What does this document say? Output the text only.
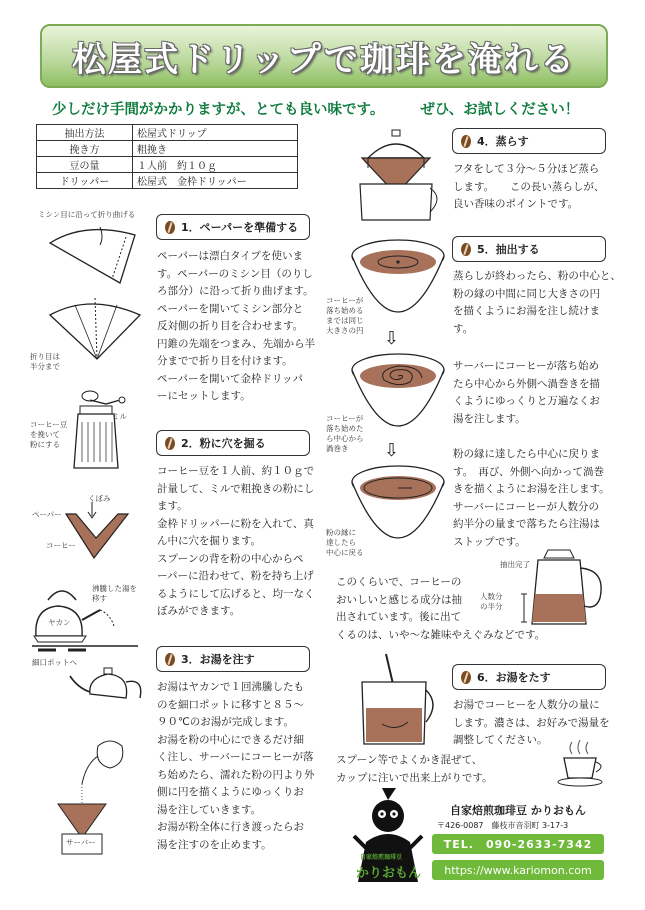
松屋式ドリップで珈琲を淹れる
少しだけ手間がかかりますが、とても良い味です。 ぜひ、お試しください！
抽出方法	松屋式ドリップ
挽き方	粗挽き
豆の量	１人前　約１０ｇ
ドリッパー	松屋式　金枠ドリッパー
ミシン目に沿って折り曲げる
折り目は
半分まで
ミル
コーヒー豆
を挽いて
粉にする
くぼみ
ペーパー
コーヒー
沸騰した湯を
移す
ヤカン
細口ポットへ
サーバー
1．ペーパーを準備する
ペーパーは漂白タイプを使いま
す。ペーパーのミシン目（のりし
ろ部分）に沿って折り曲げます。
ペーパーを開いてミシン部分と
反対側の折り目を合わせます。
円錐の先端をつまみ、先端から半
分までで折り目を付けます。
ペーパーを開いて金枠ドリッパ
ーにセットします。
2．粉に穴を掘る
コーヒー豆を１人前、約１０ｇで
計量して、ミルで粗挽きの粉にし
ます。
金枠ドリッパーに粉を入れて、真
ん中に穴を掘ります。
スプーンの背を粉の中心からペ
ーパーに沿わせて、粉を持ち上げ
るようにして広げると、均一なく
ぼみができます。
3．お湯を注す
お湯はヤカンで１回沸騰したも
のを細口ポットに移すと８５～
９０℃のお湯が完成します。
お湯を粉の中心にできるだけ細
く注し、サーバーにコーヒーが落
ち始めたら、濡れた粉の円より外
側に円を描くようにゆっくりお
湯を注していきます。
お湯が粉全体に行き渡ったらお
湯を注すのを止めます。
コーヒーが
落ち始める
までは同じ
大きさの円 ⇩
コーヒーが
落ち始めた
ら中心から
渦巻き	⇩
粉の縁に
達したら
中心に戻る
このくらいで、コーヒーの
おいしいと感じる成分は抽
出されています。後に出て
くるのは、いや～な雑味やえぐみなどです。
スプーン等でよくかき混ぜて、
カップに注いで出来上がりです。
自家焙煎珈琲豆
かりおもん
4．蒸らす
フタをして３分～５分ほど蒸ら
します。　　この長い蒸らしが、
良い香味のポイントです。
5．抽出する
蒸らしが終わったら、粉の中心と、
粉の縁の中間に同じ大きさの円
を描くようにお湯を注し続けま
す。
サーバーにコーヒーが落ち始め
たら中心から外側へ渦巻きを描
くようにゆっくりと万遍なくお
湯を注します。
粉の縁に達したら中心に戻りま
す。　再び、外側へ向かって渦巻
きを描くようにお湯を注します。
サーバーにコーヒーが人数分の
約半分の量まで落ちたら注湯は
ストップです。
抽出完了
人数分
の半分
6．お湯をたす
お湯でコーヒーを人数分の量に
します。濃さは、お好みで湯量を
調整してください。
自家焙煎珈琲豆 かりおもん
〒426-0087　藤枝市音羽町 3-17-3
TEL.　090-2633-7342
https://www.kariomon.com
